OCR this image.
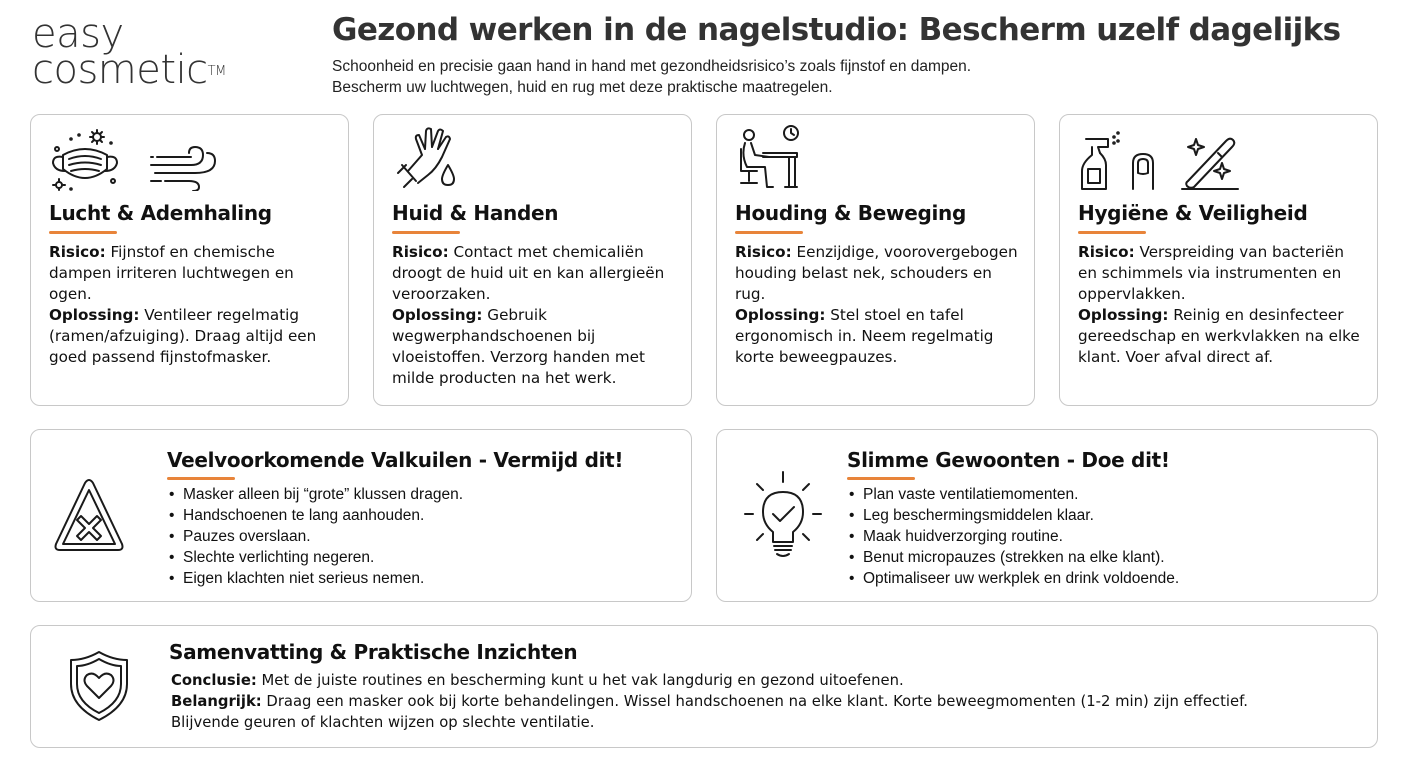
easy
cosmetic™
Gezond werken in de nagelstudio: Bescherm uzelf dagelijks
Schoonheid en precisie gaan hand in hand met gezondheidsrisico’s zoals fijnstof en dampen.
Bescherm uw luchtwegen, huid en rug met deze praktische maatregelen.
Lucht & Ademhaling
Risico: Fijnstof en chemische dampen irriteren luchtwegen en ogen.
Oplossing: Ventileer regelmatig (ramen/afzuiging). Draag altijd een goed passend fijnstofmasker.
Huid & Handen
Risico: Contact met chemicaliën droogt de huid uit en kan allergieën veroorzaken.
Oplossing: Gebruik wegwerphandschoenen bij vloeistoffen. Verzorg handen met milde producten na het werk.
Houding & Beweging
Risico: Eenzijdige, voorovergebogen houding belast nek, schouders en rug.
Oplossing: Stel stoel en tafel ergonomisch in. Neem regelmatig korte beweegpauzes.
Hygiëne & Veiligheid
Risico: Verspreiding van bacteriën en schimmels via instrumenten en oppervlakken.
Oplossing: Reinig en desinfecteer gereedschap en werkvlakken na elke klant. Voer afval direct af.
Veelvoorkomende Valkuilen - Vermijd dit!
• Masker alleen bij “grote” klussen dragen.
• Handschoenen te lang aanhouden.
• Pauzes overslaan.
• Slechte verlichting negeren.
• Eigen klachten niet serieus nemen.
Slimme Gewoonten - Doe dit!
• Plan vaste ventilatiemomenten.
• Leg beschermingsmiddelen klaar.
• Maak huidverzorging routine.
• Benut micropauzes (strekken na elke klant).
• Optimaliseer uw werkplek en drink voldoende.
Samenvatting & Praktische Inzichten
Conclusie: Met de juiste routines en bescherming kunt u het vak langdurig en gezond uitoefenen.
Belangrijk: Draag een masker ook bij korte behandelingen. Wissel handschoenen na elke klant. Korte beweegmomenten (1-2 min) zijn effectief.
Blijvende geuren of klachten wijzen op slechte ventilatie.
